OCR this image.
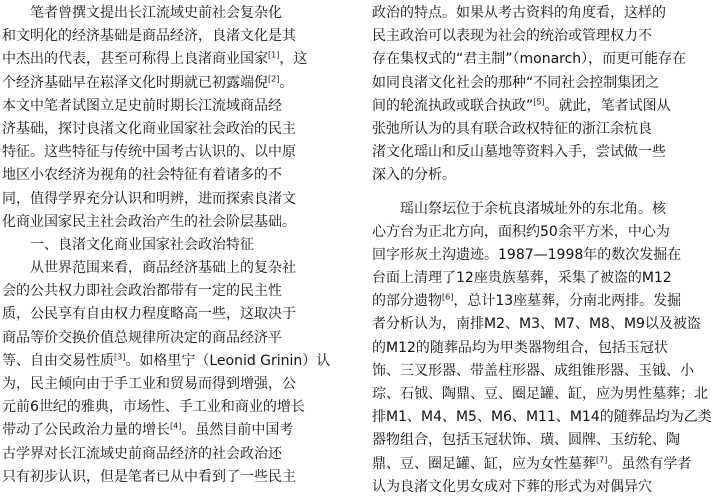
笔者曾撰文提出长江流域史前社会复杂化
和文明化的经济基础是商品经济，良渚文化是其
中杰出的代表，甚至可称得上良渚商业国家[1]，这
个经济基础早在崧泽文化时期就已初露端倪[2]。
本文中笔者试图立足史前时期长江流域商品经
济基础，探讨良渚文化商业国家社会政治的民主
特征。这些特征与传统中国考古认识的、以中原
地区小农经济为视角的社会特征有着诸多的不
同，值得学界充分认识和明辨，进而探索良渚文
化商业国家民主社会政治产生的社会阶层基础。
一、良渚文化商业国家社会政治特征
从世界范围来看，商品经济基础上的复杂社
会的公共权力即社会政治都带有一定的民主性
质，公民享有自由权力程度略高一些，这取决于
商品等价交换价值总规律所决定的商品经济平
等、自由交易性质[3]。如格里宁（Leonid Grinin）认
为，民主倾向由于手工业和贸易而得到增强，公
元前6世纪的雅典，市场性、手工业和商业的增长
带动了公民政治力量的增长[4]。虽然目前中国考
古学界对长江流域史前商品经济的社会政治还
只有初步认识，但是笔者已从中看到了一些民主
政治的特点。如果从考古资料的角度看，这样的
民主政治可以表现为社会的统治或管理权力不
存在集权式的“君主制”（monarch），而更可能存在
如同良渚文化社会的那种“不同社会控制集团之
间的轮流执政或联合执政”[5]。就此，笔者试图从
张弛所认为的具有联合政权特征的浙江余杭良
渚文化瑶山和反山墓地等资料入手，尝试做一些
深入的分析。
瑶山祭坛位于余杭良渚城址外的东北角。核
心方台为正北方向，面积约50余平方米，中心为
回字形灰土沟遗迹。1987—1998年的数次发掘在
台面上清理了12座贵族墓葬，采集了被盗的M12
的部分遗物[6]，总计13座墓葬，分南北两排。发掘
者分析认为，南排M2、M3、M7、M8、M9以及被盗
的M12的随葬品均为甲类器物组合，包括玉冠状
饰、三叉形器、带盖柱形器、成组锥形器、玉钺、小
琮、石钺、陶鼎、豆、圈足罐、缸，应为男性墓葬；北
排M1、M4、M5、M6、M11、M14的随葬品均为乙类
器物组合，包括玉冠状饰、璜、圆牌、玉纺轮、陶
鼎、豆、圈足罐、缸，应为女性墓葬[7]。虽然有学者
认为良渚文化男女成对下葬的形式为对偶异穴
